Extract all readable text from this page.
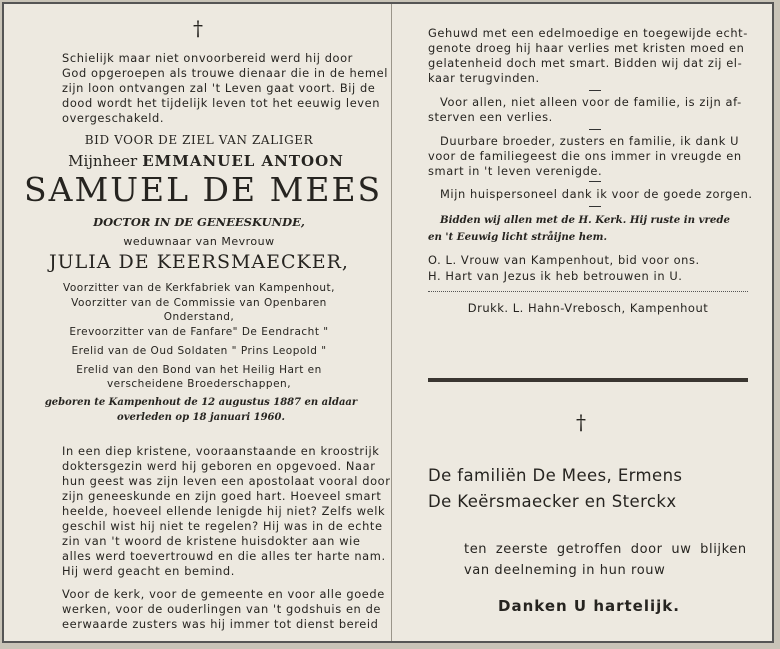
†
Schielijk maar niet onvoorbereid werd hij door
God opgeroepen als trouwe dienaar die in de hemel
zijn loon ontvangen zal 't Leven gaat voort. Bij de
dood wordt het tijdelijk leven tot het eeuwig leven
overgeschakeld.
BID VOOR DE ZIEL VAN ZALIGER
Mijnheer EMMANUEL ANTOON
SAMUEL DE MEES
DOCTOR IN DE GENEESKUNDE,
weduwnaar van Mevrouw
JULIA DE KEERSMAECKER,
Voorzitter van de Kerkfabriek van Kampenhout,
Voorzitter van de Commissie van Openbaren
Onderstand,
Erevoorzitter van de Fanfare" De Eendracht "
Erelid van de Oud Soldaten " Prins Leopold "
Erelid van den Bond van het Heilig Hart en
verscheidene Broederschappen,
geboren te Kampenhout de 12 augustus 1887 en aldaar
overleden op 18 januari 1960.
In een diep kristene, vooraanstaande en kroostrijk
doktersgezin werd hij geboren en opgevoed. Naar
hun geest was zijn leven een apostolaat vooral door
zijn geneeskunde en zijn goed hart. Hoeveel smart
heelde, hoeveel ellende lenigde hij niet? Zelfs welk
geschil wist hij niet te regelen? Hij was in de echte
zin van 't woord de kristene huisdokter aan wie
alles werd toevertrouwd en die alles ter harte nam.
Hij werd geacht en bemind.
Voor de kerk, voor de gemeente en voor alle goede
werken, voor de ouderlingen van 't godshuis en de
eerwaarde zusters was hij immer tot dienst bereid
Gehuwd met een edelmoedige en toegewijde echt-
genote droeg hij haar verlies met kristen moed en
gelatenheid doch met smart. Bidden wij dat zij el-
kaar terugvinden.
Voor allen, niet alleen voor de familie, is zijn af-
sterven een verlies.
Duurbare broeder, zusters en familie, ik dank U
voor de familiegeest die ons immer in vreugde en
smart in 't leven verenigde.
Mijn huispersoneel dank ik voor de goede zorgen.
Bidden wij allen met de H. Kerk. Hij ruste in vrede
en 't Eeuwig licht stråijne hem.
O. L. Vrouw van Kampenhout, bid voor ons.
H. Hart van Jezus ik heb betrouwen in U.
Drukk. L. Hahn-Vrebosch, Kampenhout
†
De familiën De Mees, Ermens
De Keërsmaecker en Sterckx
ten zeerste getroffen door uw blijken
van deelneming in hun rouw
Danken U hartelijk.
